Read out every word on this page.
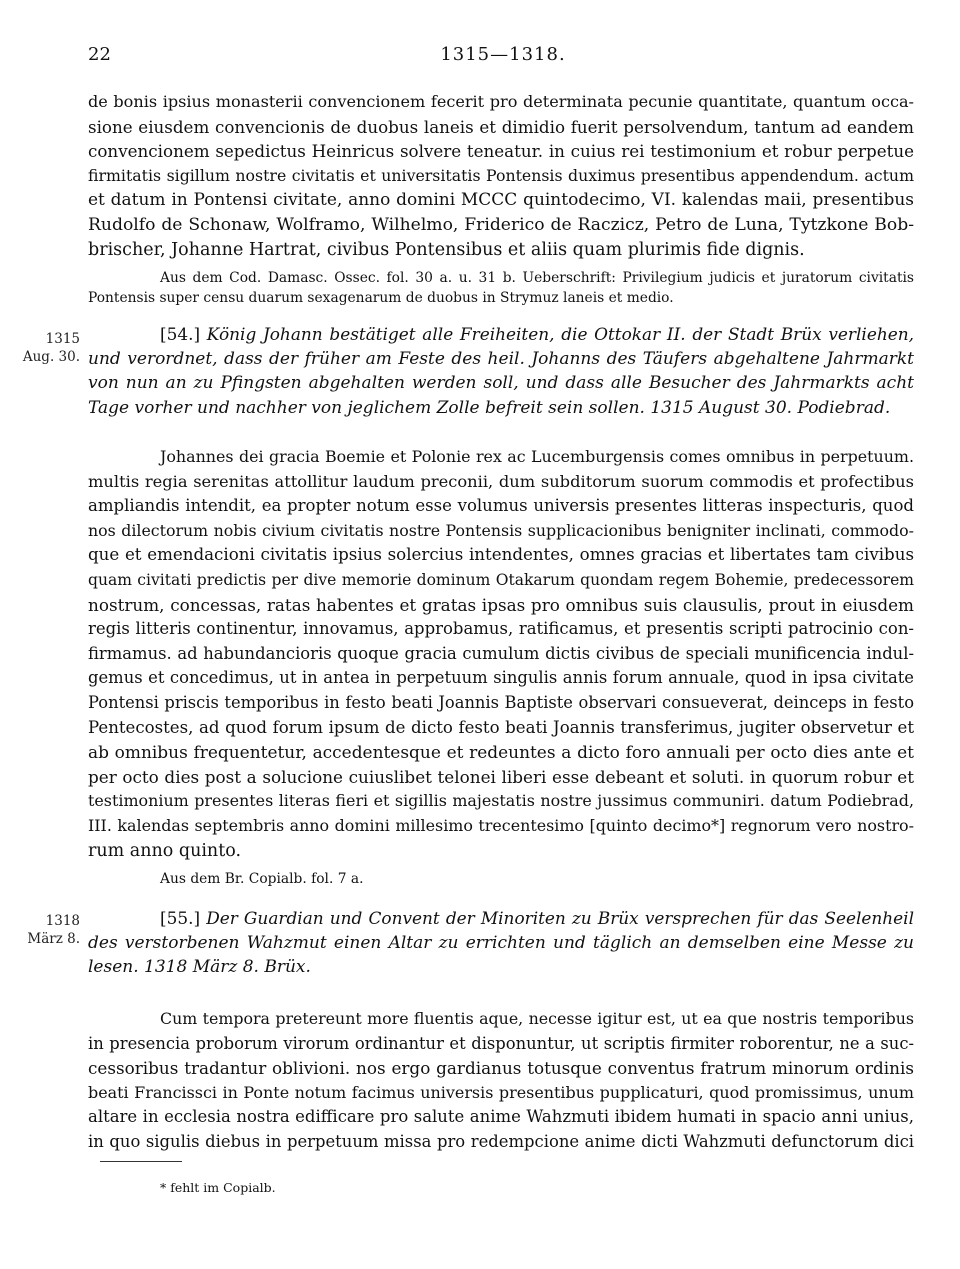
22	1315—1318.
de bonis ipsius monasterii convencionem fecerit pro determinata pecunie quantitate, quantum occa-
sione eiusdem convencionis de duobus laneis et dimidio fuerit persolvendum, tantum ad eandem
convencionem sepedictus Heinricus solvere teneatur. in cuius rei testimonium et robur perpetue
firmitatis sigillum nostre civitatis et universitatis Pontensis duximus presentibus appendendum. actum
et datum in Pontensi civitate, anno domini MCCC quintodecimo, VI. kalendas maii, presentibus
Rudolfo de Schonaw, Wolframo, Wilhelmo, Friderico de Raczicz, Petro de Luna, Tytzkone Bob-
brischer, Johanne Hartrat, civibus Pontensibus et aliis quam plurimis fide dignis.
Aus dem Cod. Damasc. Ossec. fol. 30 a. u. 31 b. Ueberschrift: Privilegium judicis et juratorum civitatis
Pontensis super censu duarum sexagenarum de duobus in Strymuz laneis et medio.
1315
Aug. 30.
[54.] König Johann bestätiget alle Freiheiten, die Ottokar II. der Stadt Brüx verliehen,
und verordnet, dass der früher am Feste des heil. Johanns des Täufers abgehaltene Jahrmarkt
von nun an zu Pfingsten abgehalten werden soll, und dass alle Besucher des Jahrmarkts acht
Tage vorher und nachher von jeglichem Zolle befreit sein sollen. 1315 August 30. Podiebrad.
Johannes dei gracia Boemie et Polonie rex ac Lucemburgensis comes omnibus in perpetuum.
multis regia serenitas attollitur laudum preconii, dum subditorum suorum commodis et profectibus
ampliandis intendit, ea propter notum esse volumus universis presentes litteras inspecturis, quod
nos dilectorum nobis civium civitatis nostre Pontensis supplicacionibus benigniter inclinati, commodo-
que et emendacioni civitatis ipsius solercius intendentes, omnes gracias et libertates tam civibus
quam civitati predictis per dive memorie dominum Otakarum quondam regem Bohemie, predecessorem
nostrum, concessas, ratas habentes et gratas ipsas pro omnibus suis clausulis, prout in eiusdem
regis litteris continentur, innovamus, approbamus, ratificamus, et presentis scripti patrocinio con-
firmamus. ad habundancioris quoque gracia cumulum dictis civibus de speciali munificencia indul-
gemus et concedimus, ut in antea in perpetuum singulis annis forum annuale, quod in ipsa civitate
Pontensi priscis temporibus in festo beati Joannis Baptiste observari consueverat, deinceps in festo
Pentecostes, ad quod forum ipsum de dicto festo beati Joannis transferimus, jugiter observetur et
ab omnibus frequentetur, accedentesque et redeuntes a dicto foro annuali per octo dies ante et
per octo dies post a solucione cuiuslibet telonei liberi esse debeant et soluti. in quorum robur et
testimonium presentes literas fieri et sigillis majestatis nostre jussimus communiri. datum Podiebrad,
III. kalendas septembris anno domini millesimo trecentesimo [quinto decimo*] regnorum vero nostro-
rum anno quinto.
Aus dem Br. Copialb. fol. 7 a.
1318
März 8.
[55.] Der Guardian und Convent der Minoriten zu Brüx versprechen für das Seelenheil
des verstorbenen Wahzmut einen Altar zu errichten und täglich an demselben eine Messe zu
lesen. 1318 März 8. Brüx.
Cum tempora pretereunt more fluentis aque, necesse igitur est, ut ea que nostris temporibus
in presencia proborum virorum ordinantur et disponuntur, ut scriptis firmiter roborentur, ne a suc-
cessoribus tradantur oblivioni. nos ergo gardianus totusque conventus fratrum minorum ordinis
beati Francissci in Ponte notum facimus universis presentibus pupplicaturi, quod promissimus, unum
altare in ecclesia nostra edifficare pro salute anime Wahzmuti ibidem humati in spacio anni unius,
in quo sigulis diebus in perpetuum missa pro redempcione anime dicti Wahzmuti defunctorum dici
* fehlt im Copialb.
